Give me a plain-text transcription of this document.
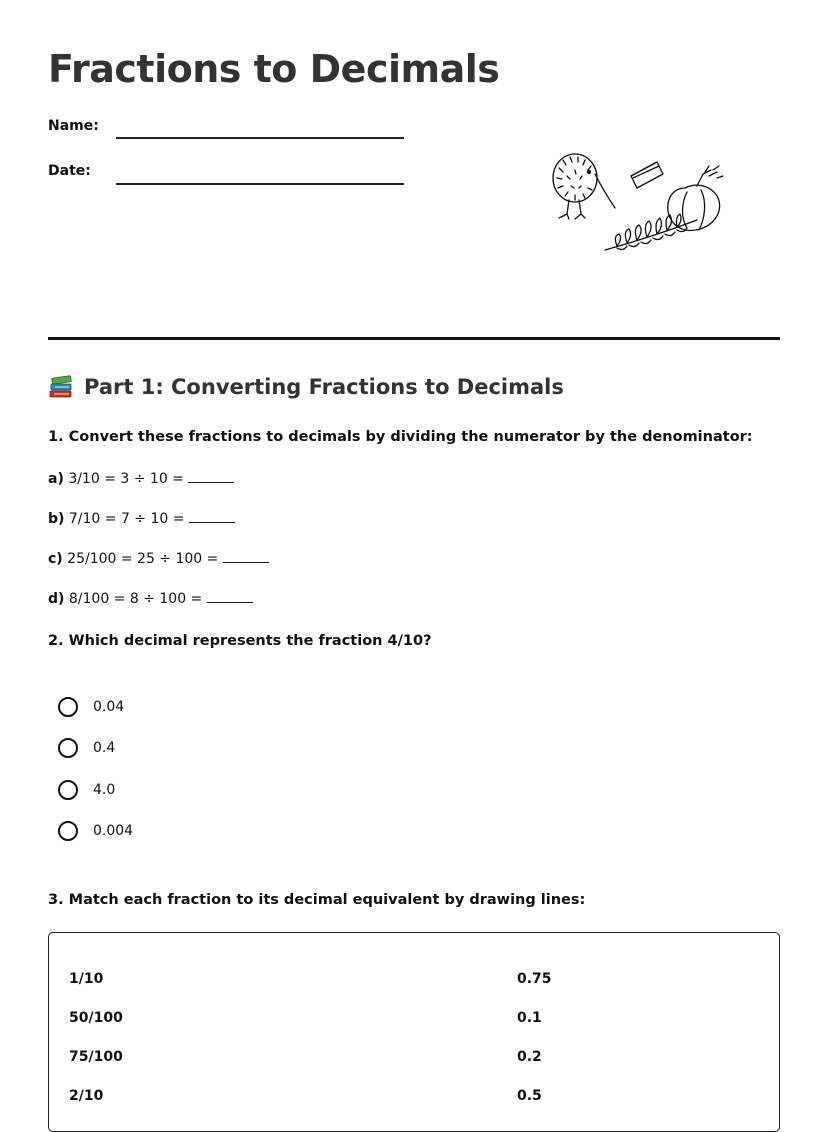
Fractions to Decimals
Name:
Date:
Part 1: Converting Fractions to Decimals
1. Convert these fractions to decimals by dividing the numerator by the denominator:
a) 3/10 = 3 ÷ 10 =
b) 7/10 = 7 ÷ 10 =
c) 25/100 = 25 ÷ 100 =
d) 8/100 = 8 ÷ 100 =
2. Which decimal represents the fraction 4/10?
0.04
0.4
4.0
0.004
3. Match each fraction to its decimal equivalent by drawing lines:
1/10
50/100
75/100
2/10
0.75
0.1
0.2
0.5
